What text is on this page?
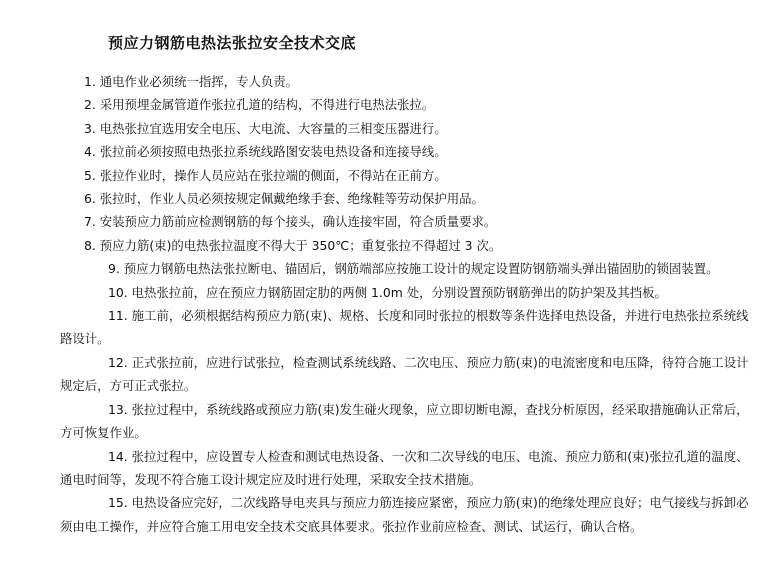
预应力钢筋电热法张拉安全技术交底

1. 通电作业必须统一指挥，专人负责。

2. 采用预埋金属管道作张拉孔道的结构，不得进行电热法张拉。

3. 电热张拉宜选用安全电压、大电流、大容量的三相变压器进行。

4. 张拉前必须按照电热张拉系统线路图安装电热设备和连接导线。

5. 张拉作业时，操作人员应站在张拉端的侧面，不得站在正前方。

6. 张拉时，作业人员必须按规定佩戴绝缘手套、绝缘鞋等劳动保护用品。

7. 安装预应力筋前应检测钢筋的每个接头，确认连接牢固，符合质量要求。

8. 预应力筋(束)的电热张拉温度不得大于 350℃；重复张拉不得超过 3 次。

9. 预应力钢筋电热法张拉断电、锚固后，钢筋端部应按施工设计的规定设置防钢筋端头弹出锚固肋的锁固装置。

10. 电热张拉前，应在预应力钢筋固定肋的两侧 1.0m 处，分别设置预防钢筋弹出的防护架及其挡板。

11. 施工前，必须根据结构预应力筋(束)、规格、长度和同时张拉的根数等条件选择电热设备，并进行电热张拉系统线路设计。

12. 正式张拉前，应进行试张拉，检查测试系统线路、二次电压、预应力筋(束)的电流密度和电压降，待符合施工设计规定后，方可正式张拉。

13. 张拉过程中，系统线路或预应力筋(束)发生碰火现象，应立即切断电源，查找分析原因，经采取措施确认正常后，方可恢复作业。

14. 张拉过程中，应设置专人检查和测试电热设备、一次和二次导线的电压、电流、预应力筋和(束)张拉孔道的温度、通电时间等，发现不符合施工设计规定应及时进行处理，采取安全技术措施。

15. 电热设备应完好，二次线路导电夹具与预应力筋连接应紧密，预应力筋(束)的绝缘处理应良好；电气接线与拆卸必须由电工操作，并应符合施工用电安全技术交底具体要求。张拉作业前应检查、测试、试运行，确认合格。
